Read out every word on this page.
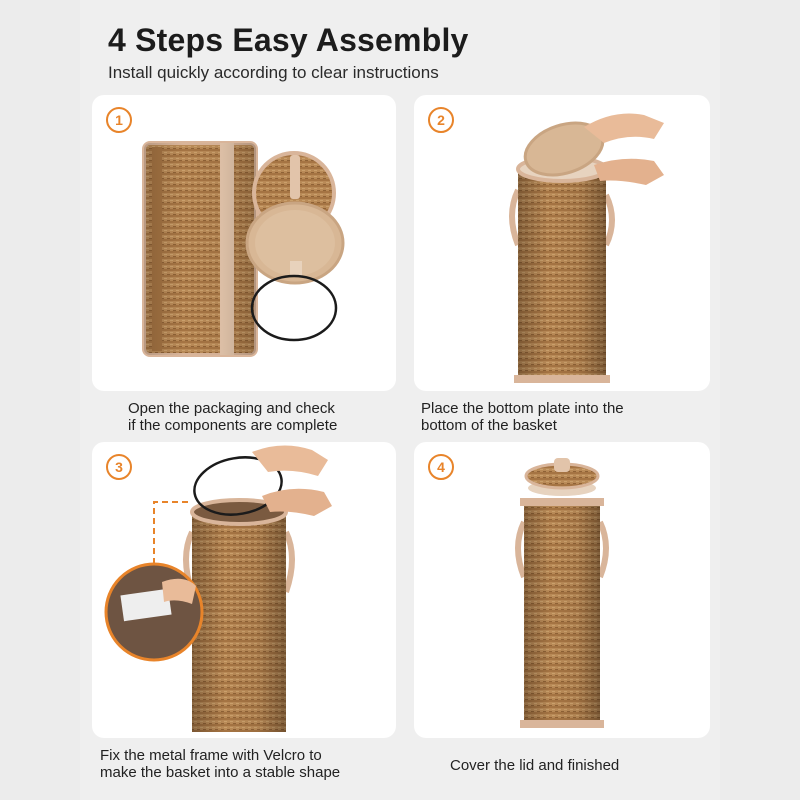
4 Steps Easy Assembly

Install quickly according to clear instructions

1	2

Open the packaging and check
if the components are complete

Place the bottom plate into the
bottom of the basket

3	4

Fix the metal frame with Velcro to
make the basket into a stable shape	Cover the lid and finished
